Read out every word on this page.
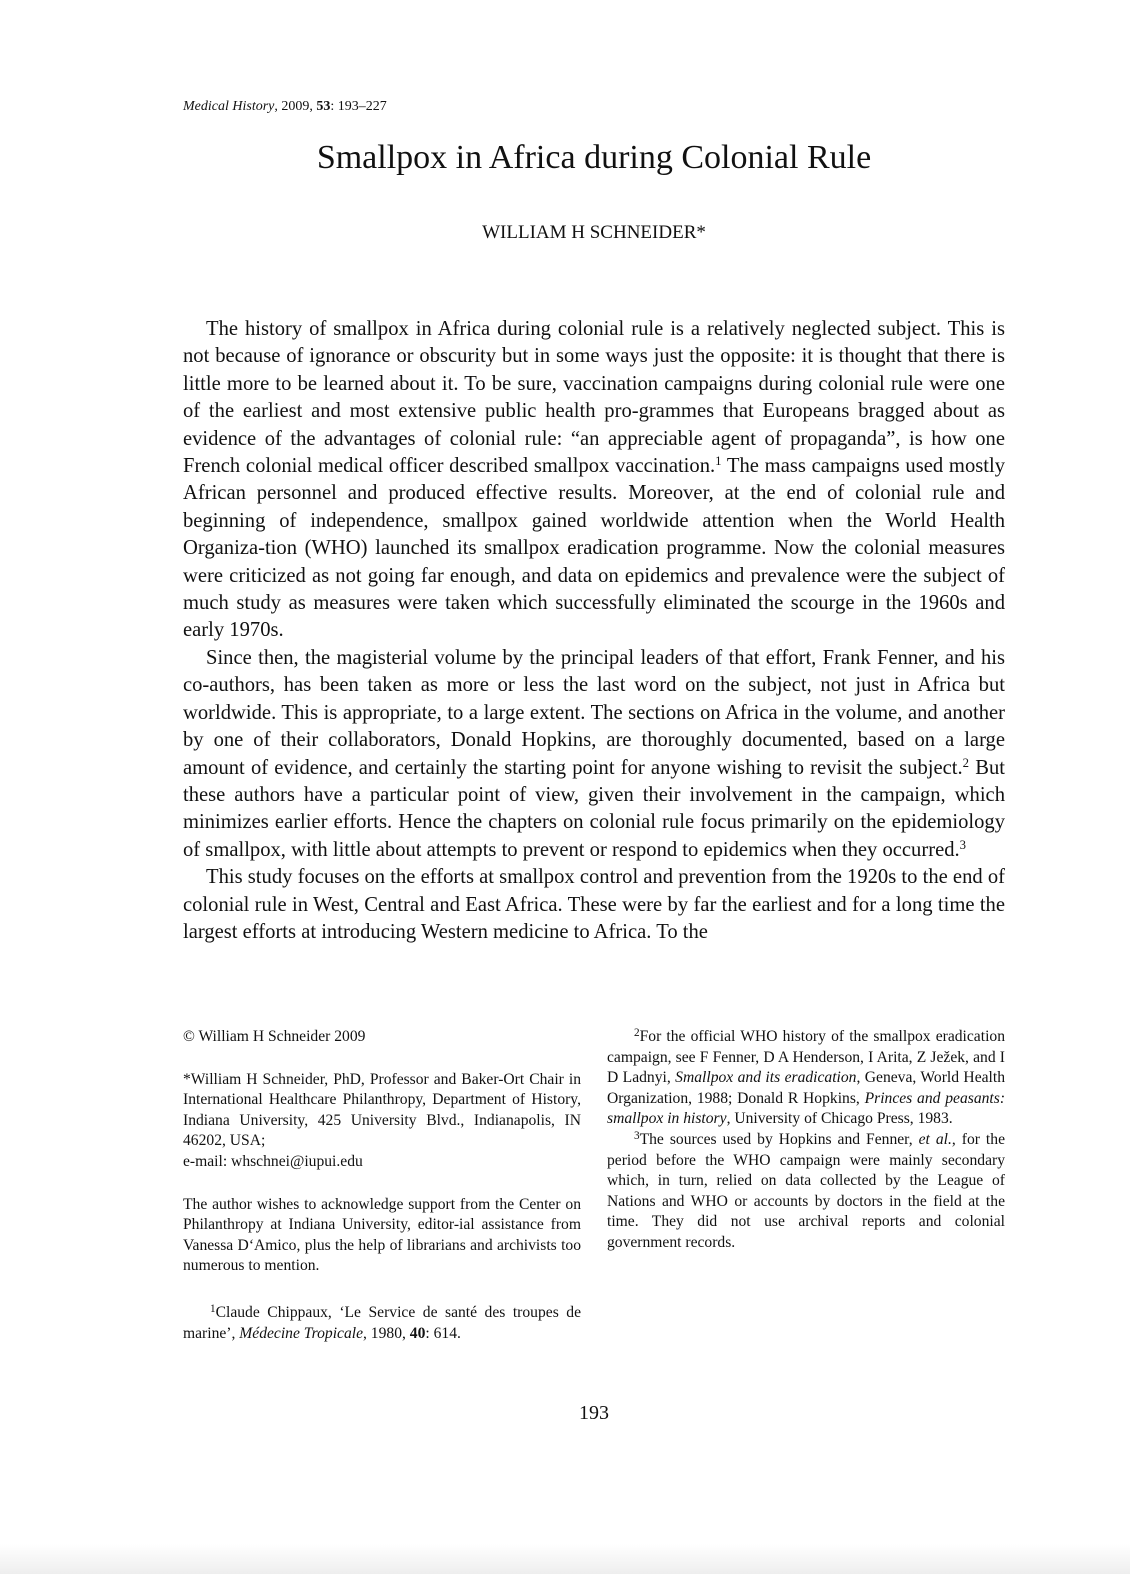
Medical History, 2009, 53: 193–227
Smallpox in Africa during Colonial Rule
WILLIAM H SCHNEIDER*

The history of smallpox in Africa during colonial rule is a relatively neglected subject. This is not because of ignorance or obscurity but in some ways just the opposite: it is thought that there is little more to be learned about it. To be sure, vaccination campaigns during colonial rule were one of the earliest and most extensive public health pro-grammes that Europeans bragged about as evidence of the advantages of colonial rule: “an appreciable agent of propaganda”, is how one French colonial medical officer described smallpox vaccination.$^1$ The mass campaigns used mostly African personnel and produced effective results. Moreover, at the end of colonial rule and beginning of independence, smallpox gained worldwide attention when the World Health Organiza-tion (WHO) launched its smallpox eradication programme. Now the colonial measures were criticized as not going far enough, and data on epidemics and prevalence were the subject of much study as measures were taken which successfully eliminated the scourge in the 1960s and early 1970s.

Since then, the magisterial volume by the principal leaders of that effort, Frank Fenner, and his co-authors, has been taken as more or less the last word on the subject, not just in Africa but worldwide. This is appropriate, to a large extent. The sections on Africa in the volume, and another by one of their collaborators, Donald Hopkins, are thoroughly documented, based on a large amount of evidence, and certainly the starting point for anyone wishing to revisit the subject.$^2$ But these authors have a particular point of view, given their involvement in the campaign, which minimizes earlier efforts. Hence the chapters on colonial rule focus primarily on the epidemiology of smallpox, with little about attempts to prevent or respond to epidemics when they occurred.$^3$

This study focuses on the efforts at smallpox control and prevention from the 1920s to the end of colonial rule in West, Central and East Africa. These were by far the earliest and for a long time the largest efforts at introducing Western medicine to Africa. To the

© William H Schneider 2009

*William H Schneider, PhD, Professor and Baker-Ort Chair in International Healthcare Philanthropy, Department of History, Indiana University, 425 University Blvd., Indianapolis, IN 46202, USA;
e-mail: whschnei@iupui.edu

The author wishes to acknowledge support from the Center on Philanthropy at Indiana University, editor-ial assistance from Vanessa D‘Amico, plus the help of librarians and archivists too numerous to mention.

$^1$Claude Chippaux, ‘Le Service de santé des troupes de marine’, Médecine Tropicale, 1980, 40: 614.

$^2$For the official WHO history of the smallpox eradication campaign, see F Fenner, D A Henderson, I Arita, Z Ježek, and I D Ladnyi, Smallpox and its eradication, Geneva, World Health Organization, 1988; Donald R Hopkins, Princes and peasants: smallpox in history, University of Chicago Press, 1983.

$^3$The sources used by Hopkins and Fenner, et al., for the period before the WHO campaign were mainly secondary which, in turn, relied on data collected by the League of Nations and WHO or accounts by doctors in the field at the time. They did not use archival reports and colonial government records.

193
